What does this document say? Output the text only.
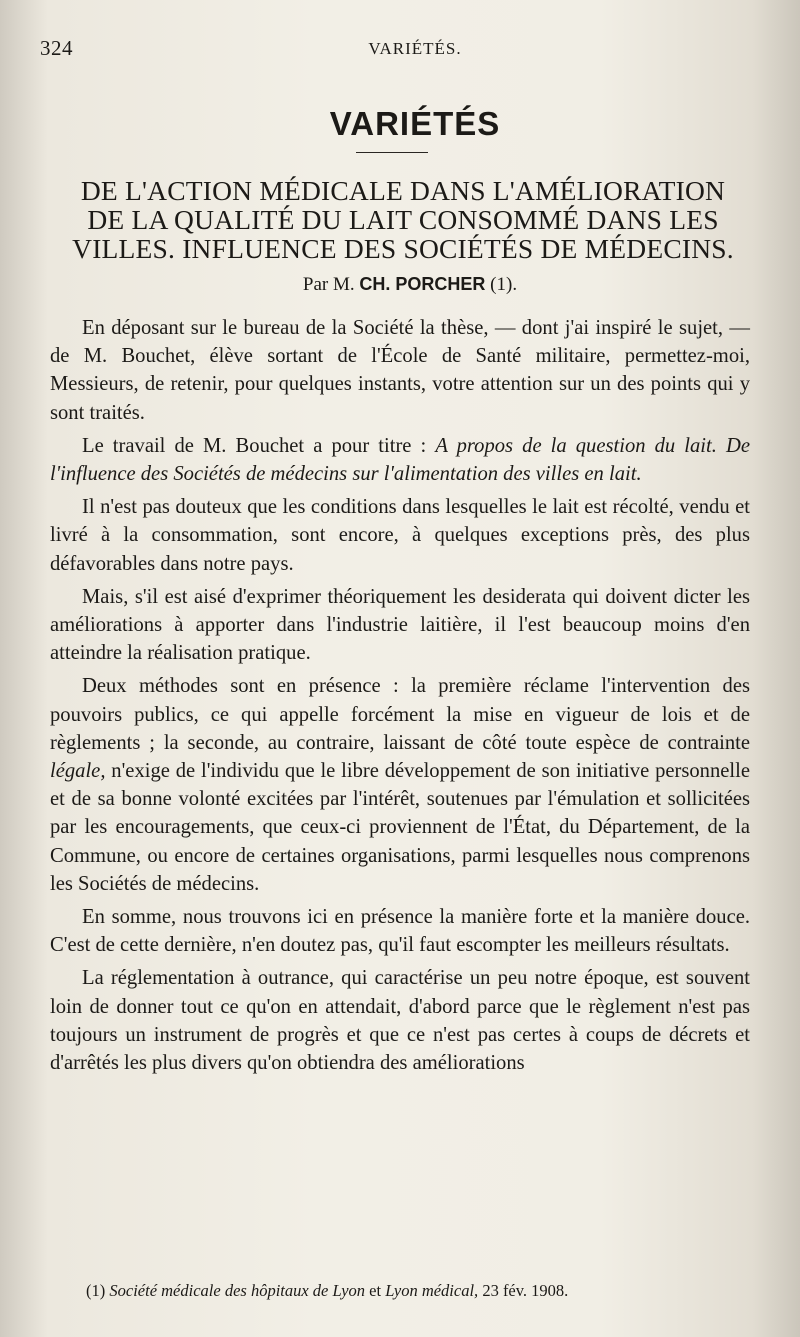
324	VARIÉTÉS.
VARIÉTÉS
DE L'ACTION MÉDICALE DANS L'AMÉLIORATION
DE LA QUALITÉ DU LAIT CONSOMMÉ DANS LES
VILLES. INFLUENCE DES SOCIÉTÉS DE MÉDECINS.
Par M. CH. PORCHER (1).

En déposant sur le bureau de la Société la thèse, — dont j'ai inspiré le sujet, — de M. Bouchet, élève sortant de l'École de Santé militaire, permettez-moi, Messieurs, de retenir, pour quelques instants, votre attention sur un des points qui y sont traités.

Le travail de M. Bouchet a pour titre : A propos de la question du lait. De l'influence des Sociétés de médecins sur l'alimentation des villes en lait.

Il n'est pas douteux que les conditions dans lesquelles le lait est récolté, vendu et livré à la consommation, sont encore, à quelques exceptions près, des plus défavorables dans notre pays.

Mais, s'il est aisé d'exprimer théoriquement les desiderata qui doivent dicter les améliorations à apporter dans l'industrie laitière, il l'est beaucoup moins d'en atteindre la réalisation pratique.

Deux méthodes sont en présence : la première réclame l'intervention des pouvoirs publics, ce qui appelle forcément la mise en vigueur de lois et de règlements ; la seconde, au contraire, laissant de côté toute espèce de contrainte légale, n'exige de l'individu que le libre développement de son initiative personnelle et de sa bonne volonté excitées par l'intérêt, soutenues par l'émulation et sollicitées par les encouragements, que ceux-ci proviennent de l'État, du Département, de la Commune, ou encore de certaines organisations, parmi lesquelles nous comprenons les Sociétés de médecins.

En somme, nous trouvons ici en présence la manière forte et la manière douce. C'est de cette dernière, n'en doutez pas, qu'il faut escompter les meilleurs résultats.

La réglementation à outrance, qui caractérise un peu notre époque, est souvent loin de donner tout ce qu'on en attendait, d'abord parce que le règlement n'est pas toujours un instrument de progrès et que ce n'est pas certes à coups de décrets et d'arrêtés les plus divers qu'on obtiendra des améliorations

(1) Société médicale des hôpitaux de Lyon et Lyon médical, 23 fév. 1908.
